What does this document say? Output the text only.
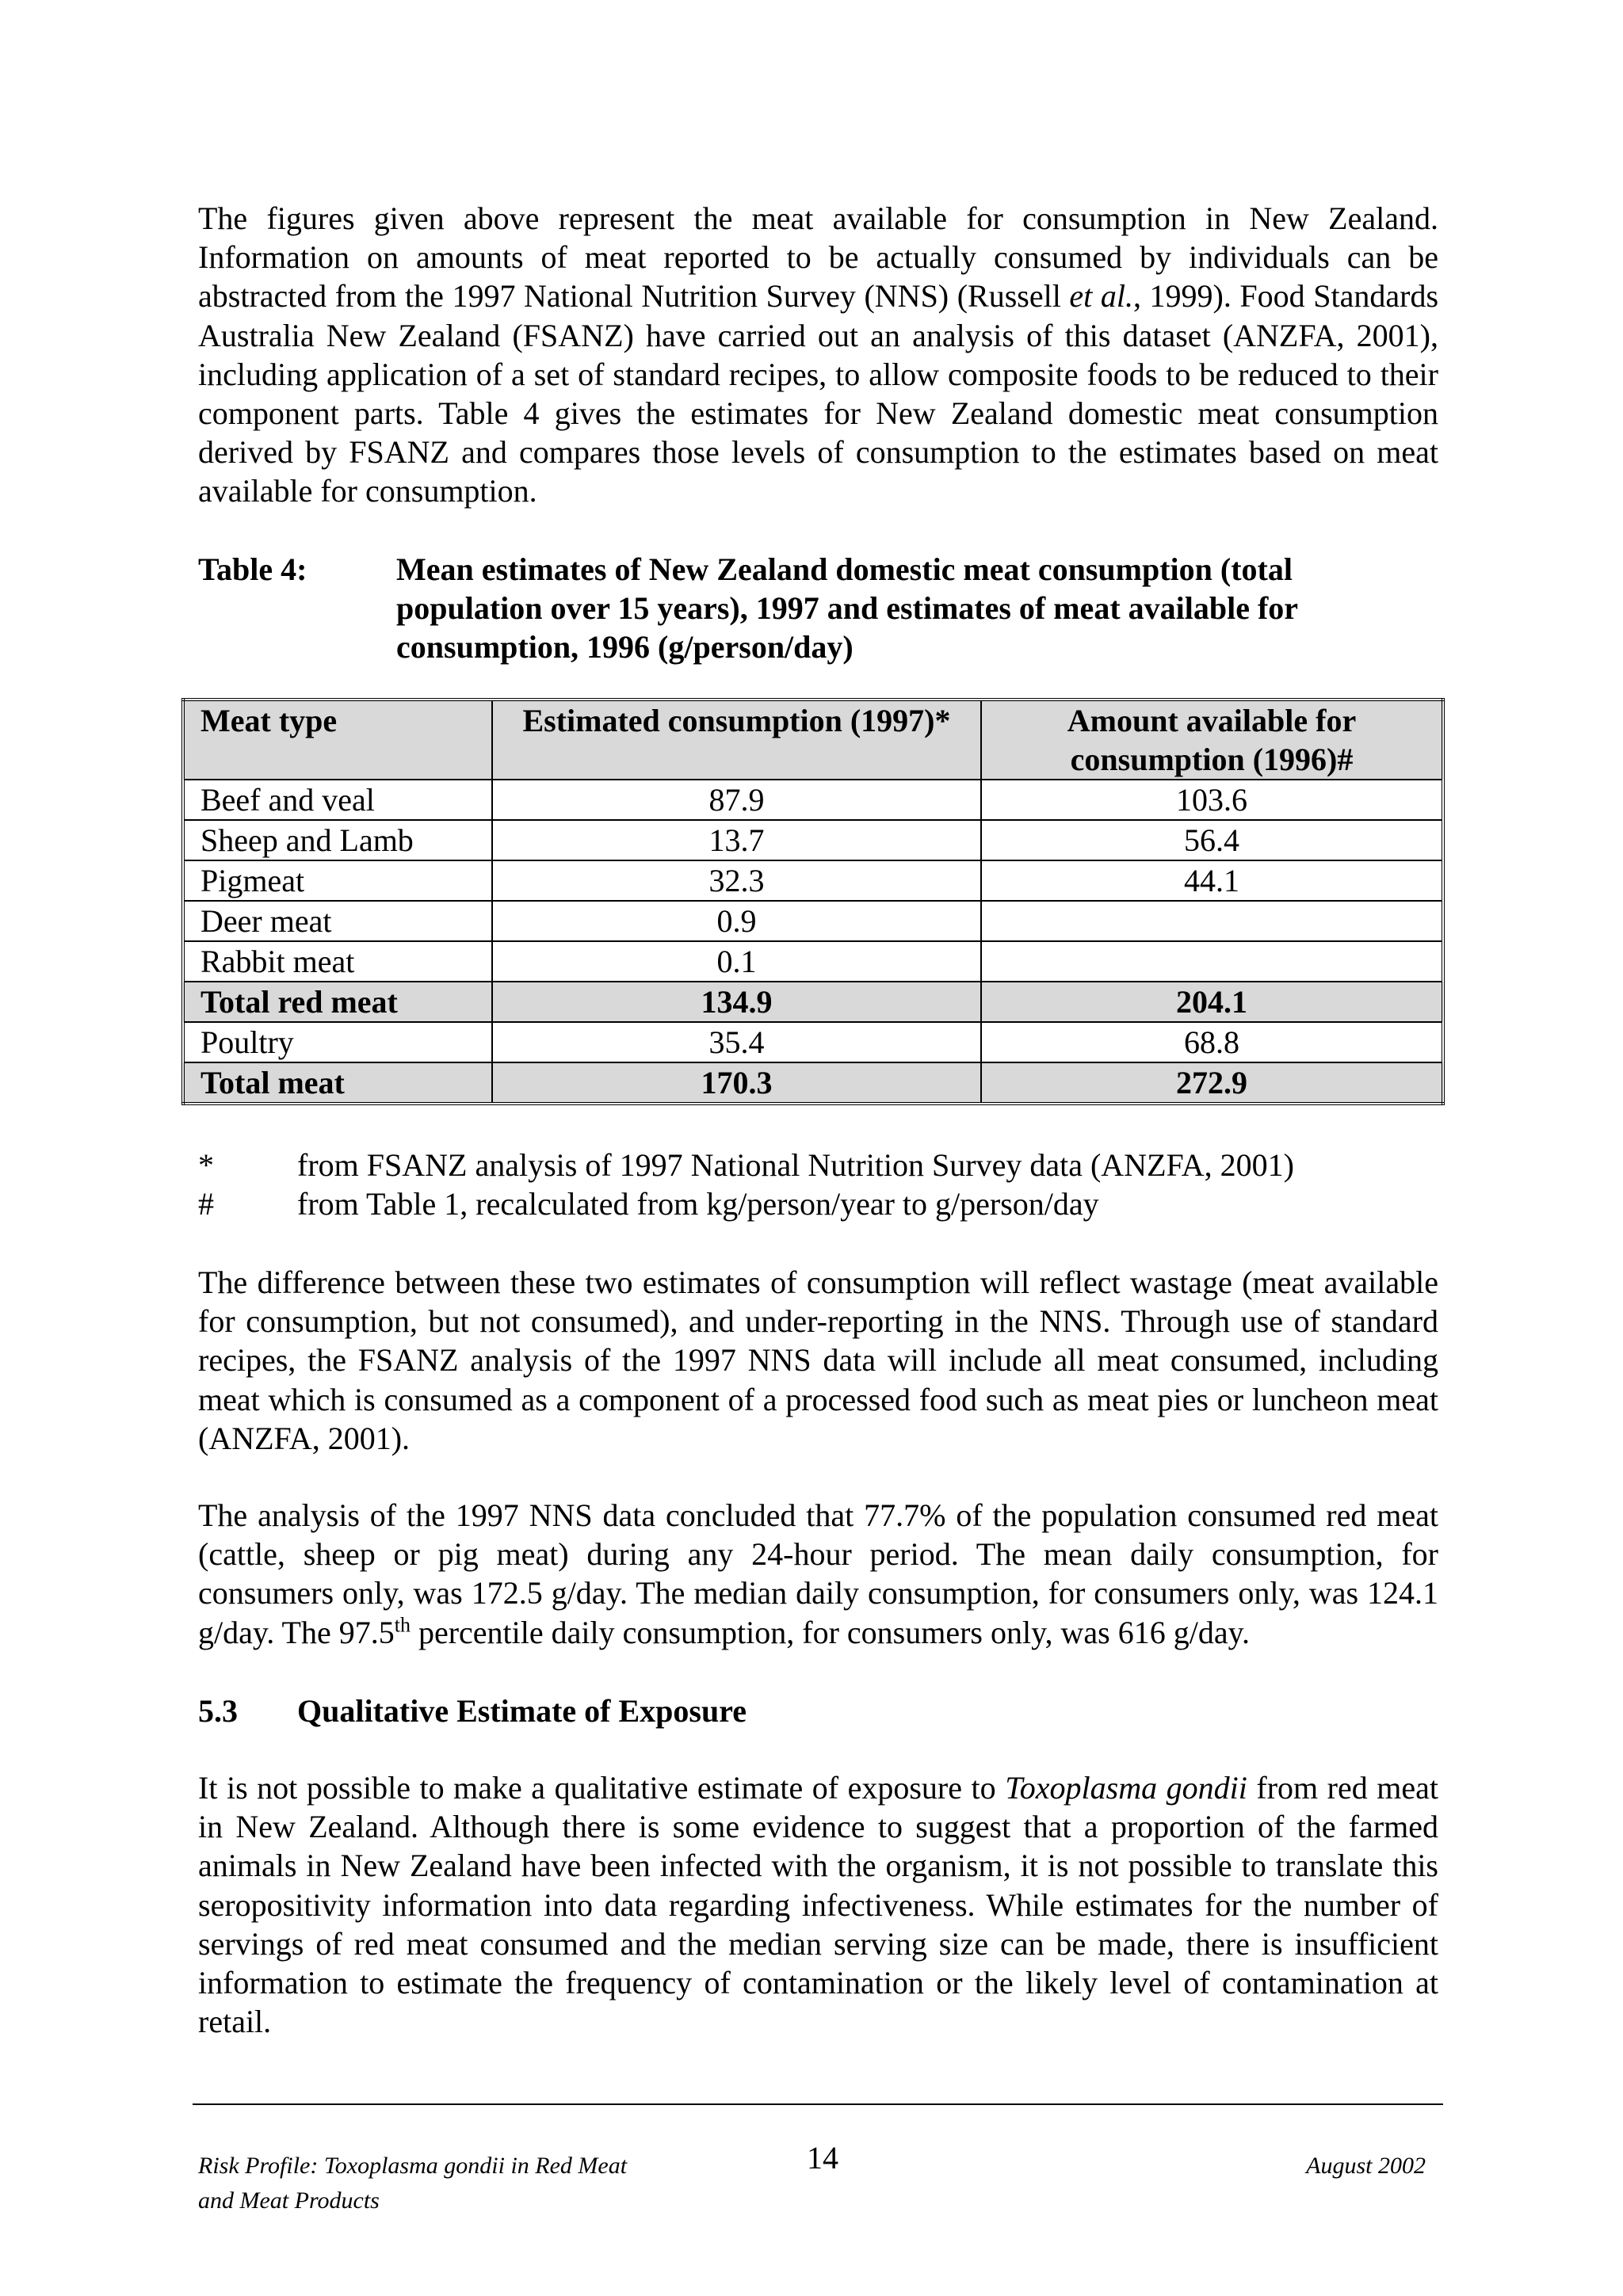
The figures given above represent the meat available for consumption in New Zealand. Information on amounts of meat reported to be actually consumed by individuals can be abstracted from the 1997 National Nutrition Survey (NNS) (Russell et al., 1999). Food Standards Australia New Zealand (FSANZ) have carried out an analysis of this dataset (ANZFA, 2001), including application of a set of standard recipes, to allow composite foods to be reduced to their component parts. Table 4 gives the estimates for New Zealand domestic meat consumption derived by FSANZ and compares those levels of consumption to the estimates based on meat available for consumption.
Table 4:	Mean estimates of New Zealand domestic meat consumption (total population over 15 years), 1997 and estimates of meat available for consumption, 1996 (g/person/day)
Meat type	Estimated consumption (1997)*	Amount available for consumption (1996)#
Beef and veal	87.9	103.6
Sheep and Lamb	13.7	56.4
Pigmeat	32.3	44.1
Deer meat	0.9	
Rabbit meat	0.1	
Total red meat	134.9	204.1
Poultry	35.4	68.8
Total meat	170.3	272.9
*	from FSANZ analysis of 1997 National Nutrition Survey data (ANZFA, 2001)
#	from Table 1, recalculated from kg/person/year to g/person/day
The difference between these two estimates of consumption will reflect wastage (meat available for consumption, but not consumed), and under-reporting in the NNS. Through use of standard recipes, the FSANZ analysis of the 1997 NNS data will include all meat consumed, including meat which is consumed as a component of a processed food such as meat pies or luncheon meat (ANZFA, 2001).
The analysis of the 1997 NNS data concluded that 77.7% of the population consumed red meat (cattle, sheep or pig meat) during any 24-hour period. The mean daily consumption, for consumers only, was 172.5 g/day. The median daily consumption, for consumers only, was 124.1 g/day. The 97.5th percentile daily consumption, for consumers only, was 616 g/day.
5.3	Qualitative Estimate of Exposure
It is not possible to make a qualitative estimate of exposure to Toxoplasma gondii from red meat in New Zealand. Although there is some evidence to suggest that a proportion of the farmed animals in New Zealand have been infected with the organism, it is not possible to translate this seropositivity information into data regarding infectiveness. While estimates for the number of servings of red meat consumed and the median serving size can be made, there is insufficient information to estimate the frequency of contamination or the likely level of contamination at retail.
Risk Profile: Toxoplasma gondii in Red Meat
and Meat Products
14	August 2002
